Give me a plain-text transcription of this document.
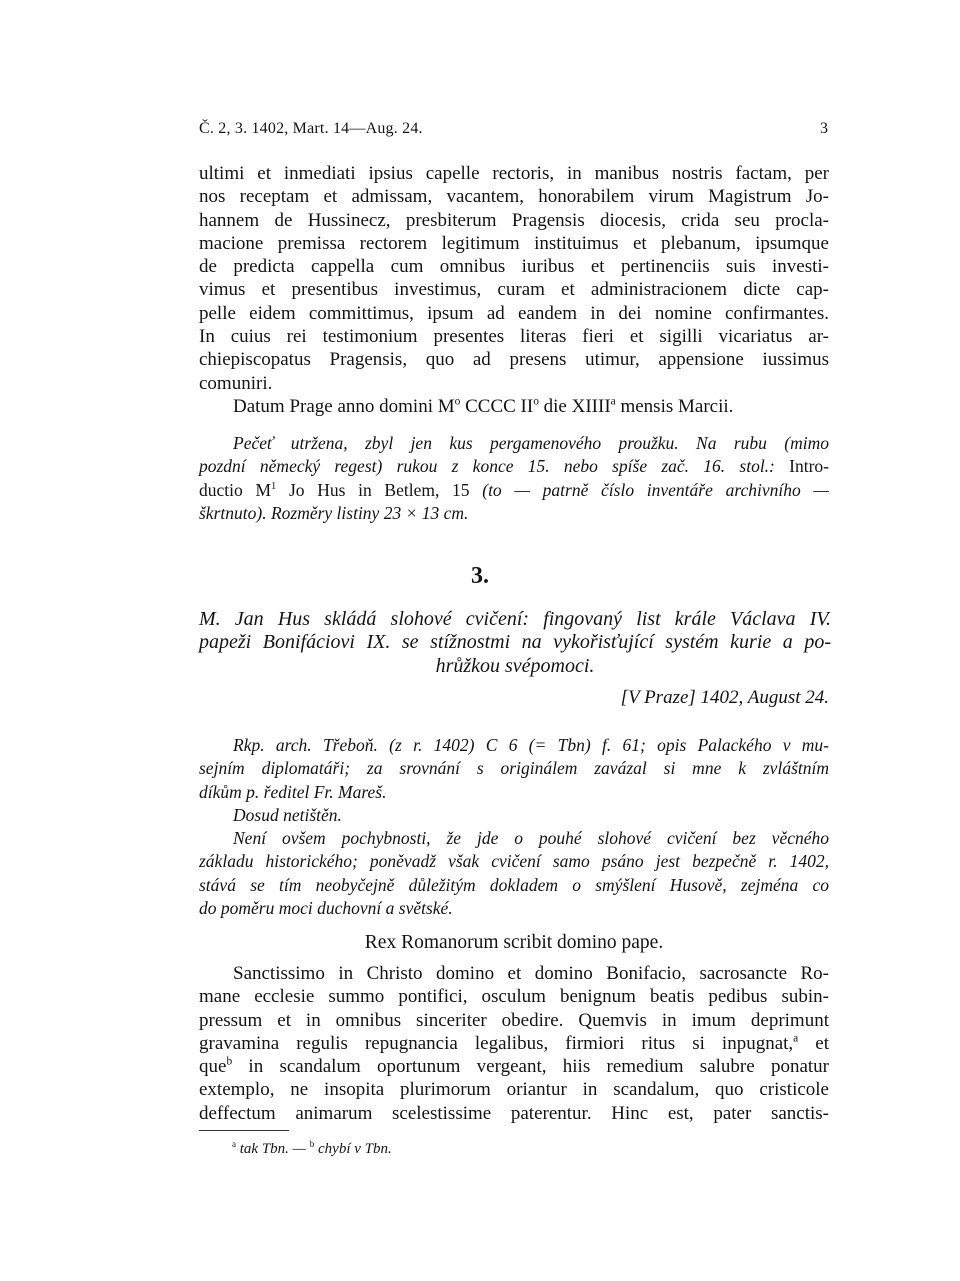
Č. 2, 3. 1402, Mart. 14—Aug. 24.	3
ultimi et inmediati ipsius capelle rectoris, in manibus nostris factam, per
nos receptam et admissam, vacantem, honorabilem virum Magistrum Jo-
hannem de Hussinecz, presbiterum Pragensis diocesis, crida seu procla-
macione premissa rectorem legitimum instituimus et plebanum, ipsumque
de predicta cappella cum omnibus iuribus et pertinenciis suis investi-
vimus et presentibus investimus, curam et administracionem dicte cap-
pelle eidem committimus, ipsum ad eandem in dei nomine confirmantes.
In cuius rei testimonium presentes literas fieri et sigilli vicariatus ar-
chiepiscopatus Pragensis, quo ad presens utimur, appensione iussimus
comuniri.
Datum Prage anno domini $M^o$ CCCC $II^o$ die XIIII$^a$ mensis Marcii.
Pečeť utržena, zbyl jen kus pergamenového proužku. Na rubu (mimo
pozdní německý regest) rukou z konce 15. nebo spíše zač. 16. stol.: Intro-
ductio $M^1$ Jo Hus in Betlem, 15 (to — patrně číslo inventáře archivního —
škrtnuto). Rozměry listiny 23 × 13 cm.
3.
M. Jan Hus skládá slohové cvičení: fingovaný list krále Václava IV.
papeži Bonifáciovi IX. se stížnostmi na vykořisťující systém kurie a po-
hrůžkou svépomoci.
[V Praze] 1402, August 24.
Rkp. arch. Třeboň. (z r. 1402) C 6 (= Tbn) f. 61; opis Palackého v mu-
sejním diplomatáři; za srovnání s originálem zavázal si mne k zvláštním
díkům p. ředitel Fr. Mareš.
Dosud netištěn.
Není ovšem pochybnosti, že jde o pouhé slohové cvičení bez věcného
základu historického; poněvadž však cvičení samo psáno jest bezpečně r. 1402,
stává se tím neobyčejně důležitým dokladem o smýšlení Husově, zejména co
do poměru moci duchovní a světské.
Rex Romanorum scribit domino pape.
Sanctissimo in Christo domino et domino Bonifacio, sacrosancte Ro-
mane ecclesie summo pontifici, osculum benignum beatis pedibus subin-
pressum et in omnibus sinceriter obedire. Quemvis in imum deprimunt
gravamina regulis repugnancia legalibus, firmiori ritus si inpugnat,$^a$ et
que$^b$ in scandalum oportunum vergeant, hiis remedium salubre ponatur
extemplo, ne insopita plurimorum oriantur in scandalum, quo cristicole
deffectum animarum scelestissime paterentur. Hinc est, pater sanctis-
$^a$ tak Tbn. — $^b$ chybí v Tbn.
